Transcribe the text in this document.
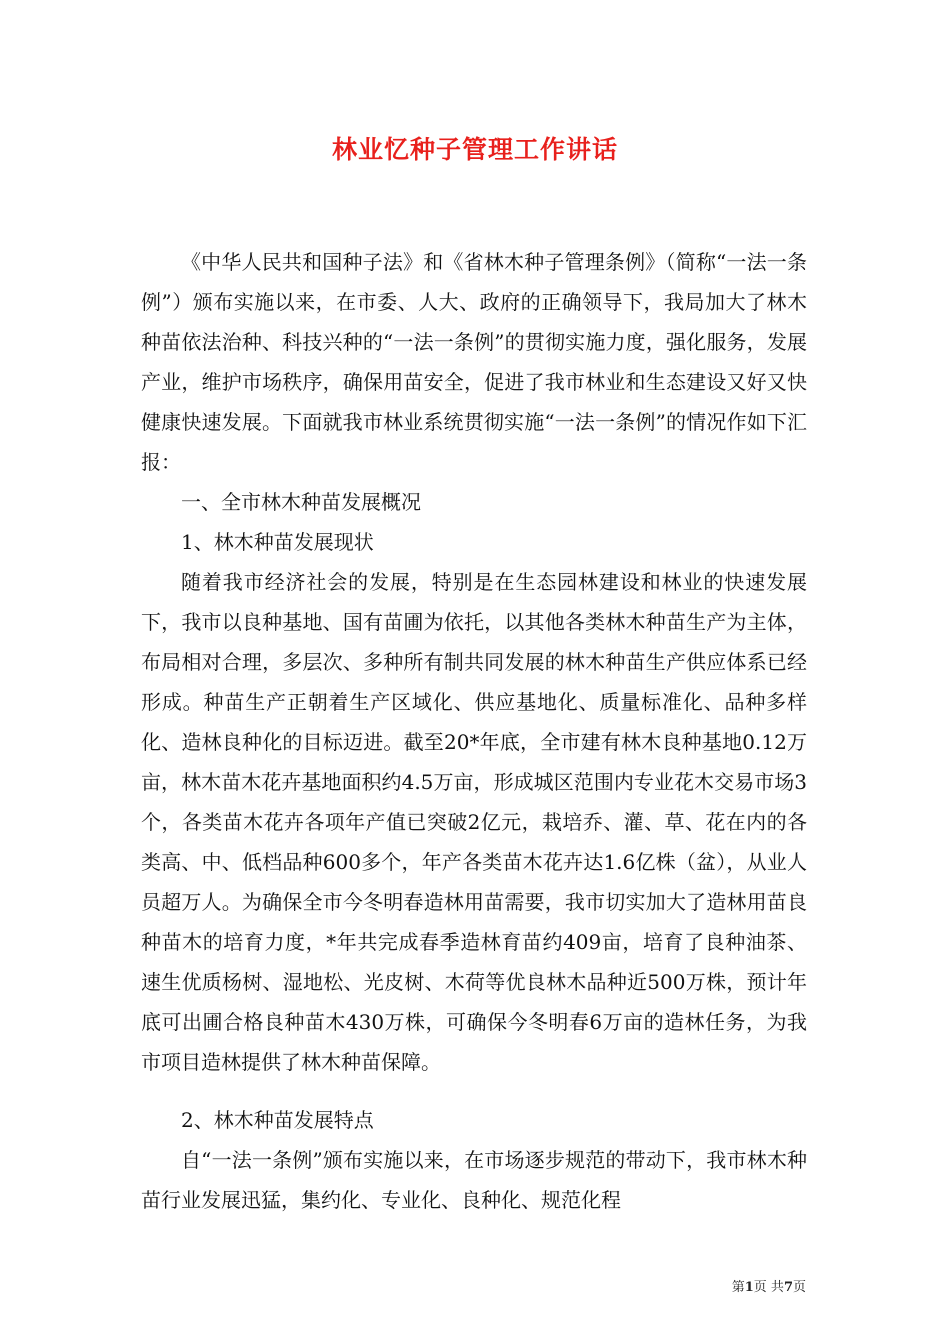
林业忆种子管理工作讲话

《中华人民共和国种子法》和《省林木种子管理条例》（简称“一法一条例”）颁布实施以来，在市委、人大、政府的正确领导下，我局加大了林木种苗依法治种、科技兴种的“一法一条例”的贯彻实施力度，强化服务，发展产业，维护市场秩序，确保用苗安全，促进了我市林业和生态建设又好又快健康快速发展。下面就我市林业系统贯彻实施“一法一条例”的情况作如下汇报：

一、全市林木种苗发展概况

1、林木种苗发展现状

随着我市经济社会的发展，特别是在生态园林建设和林业的快速发展下，我市以良种基地、国有苗圃为依托，以其他各类林木种苗生产为主体，布局相对合理，多层次、多种所有制共同发展的林木种苗生产供应体系已经形成。种苗生产正朝着生产区域化、供应基地化、质量标准化、品种多样化、造林良种化的目标迈进。截至20*年底，全市建有林木良种基地0.12万亩，林木苗木花卉基地面积约4.5万亩，形成城区范围内专业花木交易市场3个，各类苗木花卉各项年产值已突破2亿元，栽培乔、灌、草、花在内的各类高、中、低档品种600多个，年产各类苗木花卉达1.6亿株（盆），从业人员超万人。为确保全市今冬明春造林用苗需要，我市切实加大了造林用苗良种苗木的培育力度，*年共完成春季造林育苗约409亩，培育了良种油茶、速生优质杨树、湿地松、光皮树、木荷等优良林木品种近500万株，预计年底可出圃合格良种苗木430万株，可确保今冬明春6万亩的造林任务，为我市项目造林提供了林木种苗保障。

2、林木种苗发展特点

自“一法一条例”颁布实施以来，在市场逐步规范的带动下，我市林木种苗行业发展迅猛，集约化、专业化、良种化、规范化程

第1页 共7页
